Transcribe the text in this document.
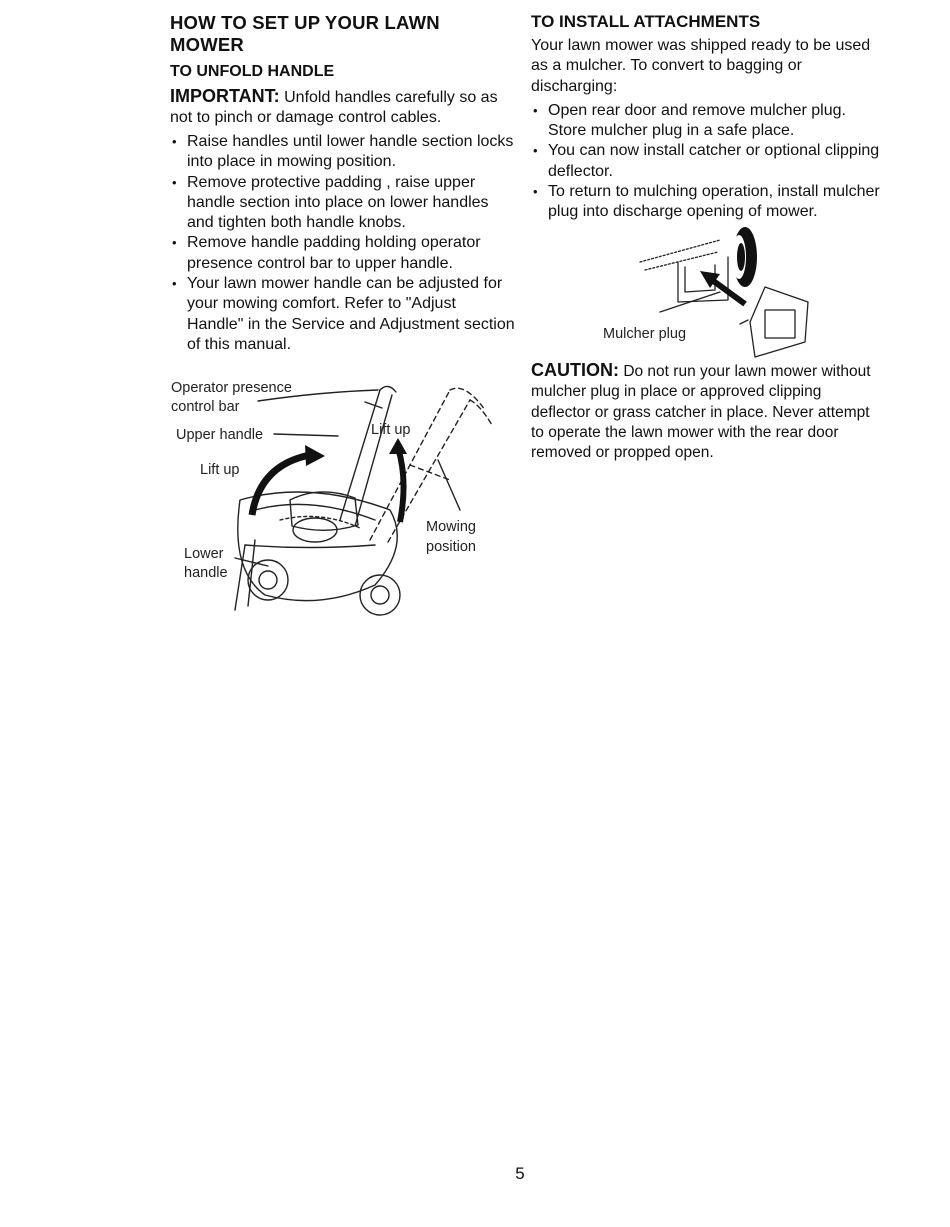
HOW TO SET UP YOUR LAWN MOWER
TO UNFOLD HANDLE

IMPORTANT: Unfold handles carefully so as not to pinch or damage control cables.

• Raise handles until lower handle section locks into place in mowing position.
• Remove protective padding , raise upper handle section into place on lower handles and tighten both handle knobs.
• Remove handle padding holding operator presence control bar to upper handle.
• Your lawn mower handle can be adjusted for your mowing comfort. Refer to "Adjust Handle" in the Service and Adjustment section of this manual.
Operator presence
control bar
Upper handle
Lift up
Lift up
Mowing
position
Lower
handle
TO INSTALL ATTACHMENTS

Your lawn mower was shipped ready to be used as a mulcher. To convert to bagging or discharging:

• Open rear door and remove mulcher plug. Store mulcher plug in a safe place.
• You can now install catcher or optional clipping deflector.
• To return to mulching operation, install mulcher plug into discharge opening of mower.
Mulcher plug

CAUTION: Do not run your lawn mower without mulcher plug in place or approved clipping deflector or grass catcher in place. Never attempt to operate the lawn mower with the rear door removed or propped open.

5
